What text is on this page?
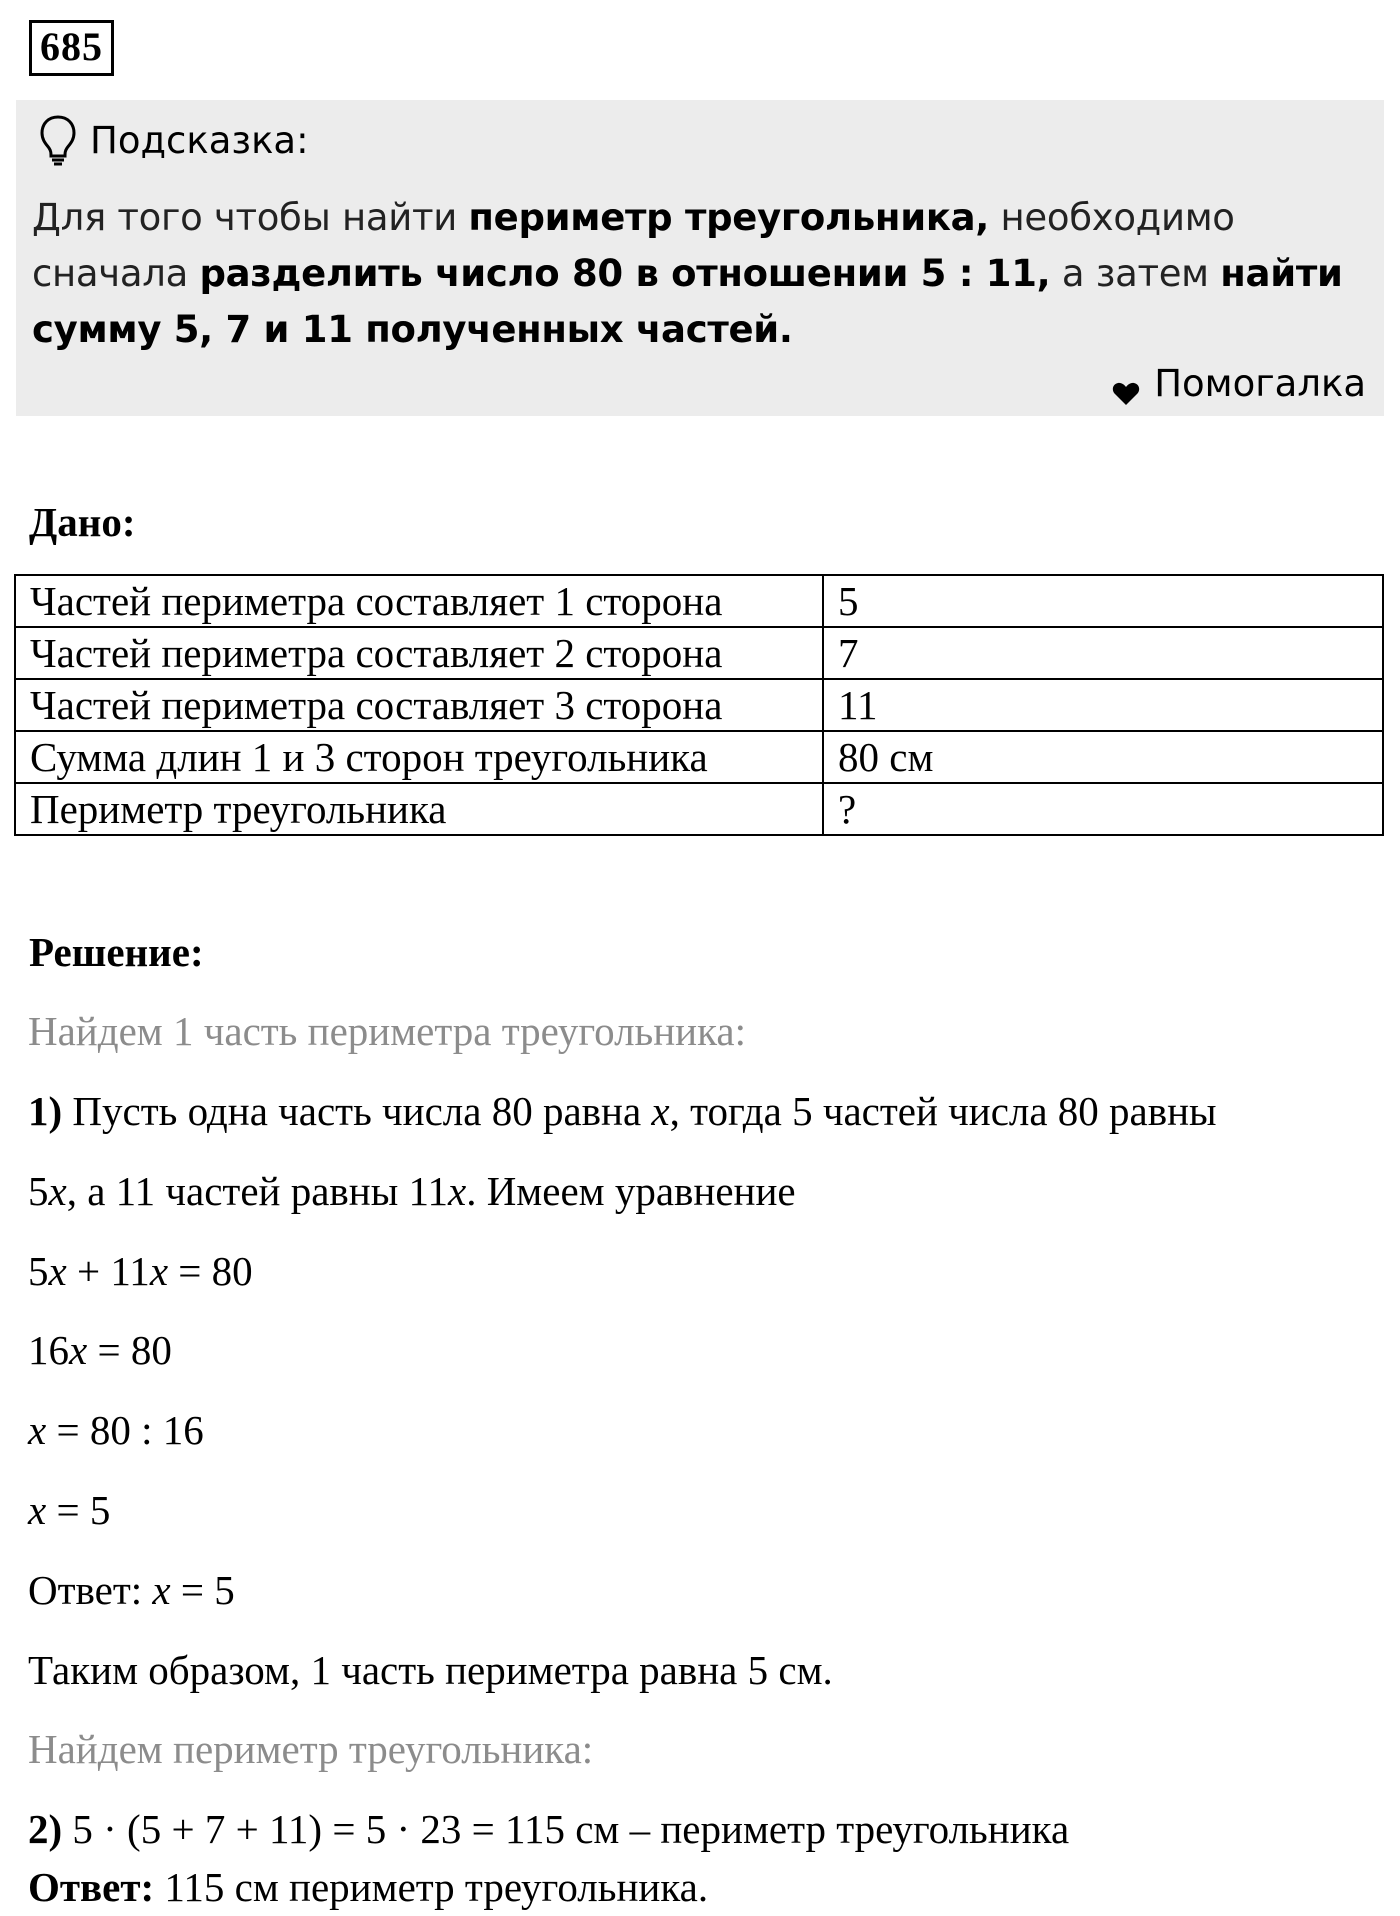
685
Подсказка:
Для того чтобы найти периметр треугольника, необходимо сначала разделить число 80 в отношении 5 : 11, а затем найти сумму 5, 7 и 11 полученных частей.
Помогалка
Дано:
Частей периметра составляет 1 сторона	5
Частей периметра составляет 2 сторона	7
Частей периметра составляет 3 сторона	11
Сумма длин 1 и 3 сторон треугольника	80 см
Периметр треугольника	?
Решение:
Найдем 1 часть периметра треугольника:
1) Пусть одна часть числа 80 равна x, тогда 5 частей числа 80 равны
5x, а 11 частей равны 11x. Имеем уравнение
5x + 11x = 80
16x = 80
x = 80 : 16
x = 5
Ответ: x = 5
Таким образом, 1 часть периметра равна 5 см.
Найдем периметр треугольника:
2) 5 · (5 + 7 + 11) = 5 · 23 = 115 см – периметр треугольника
Ответ: 115 см периметр треугольника.
